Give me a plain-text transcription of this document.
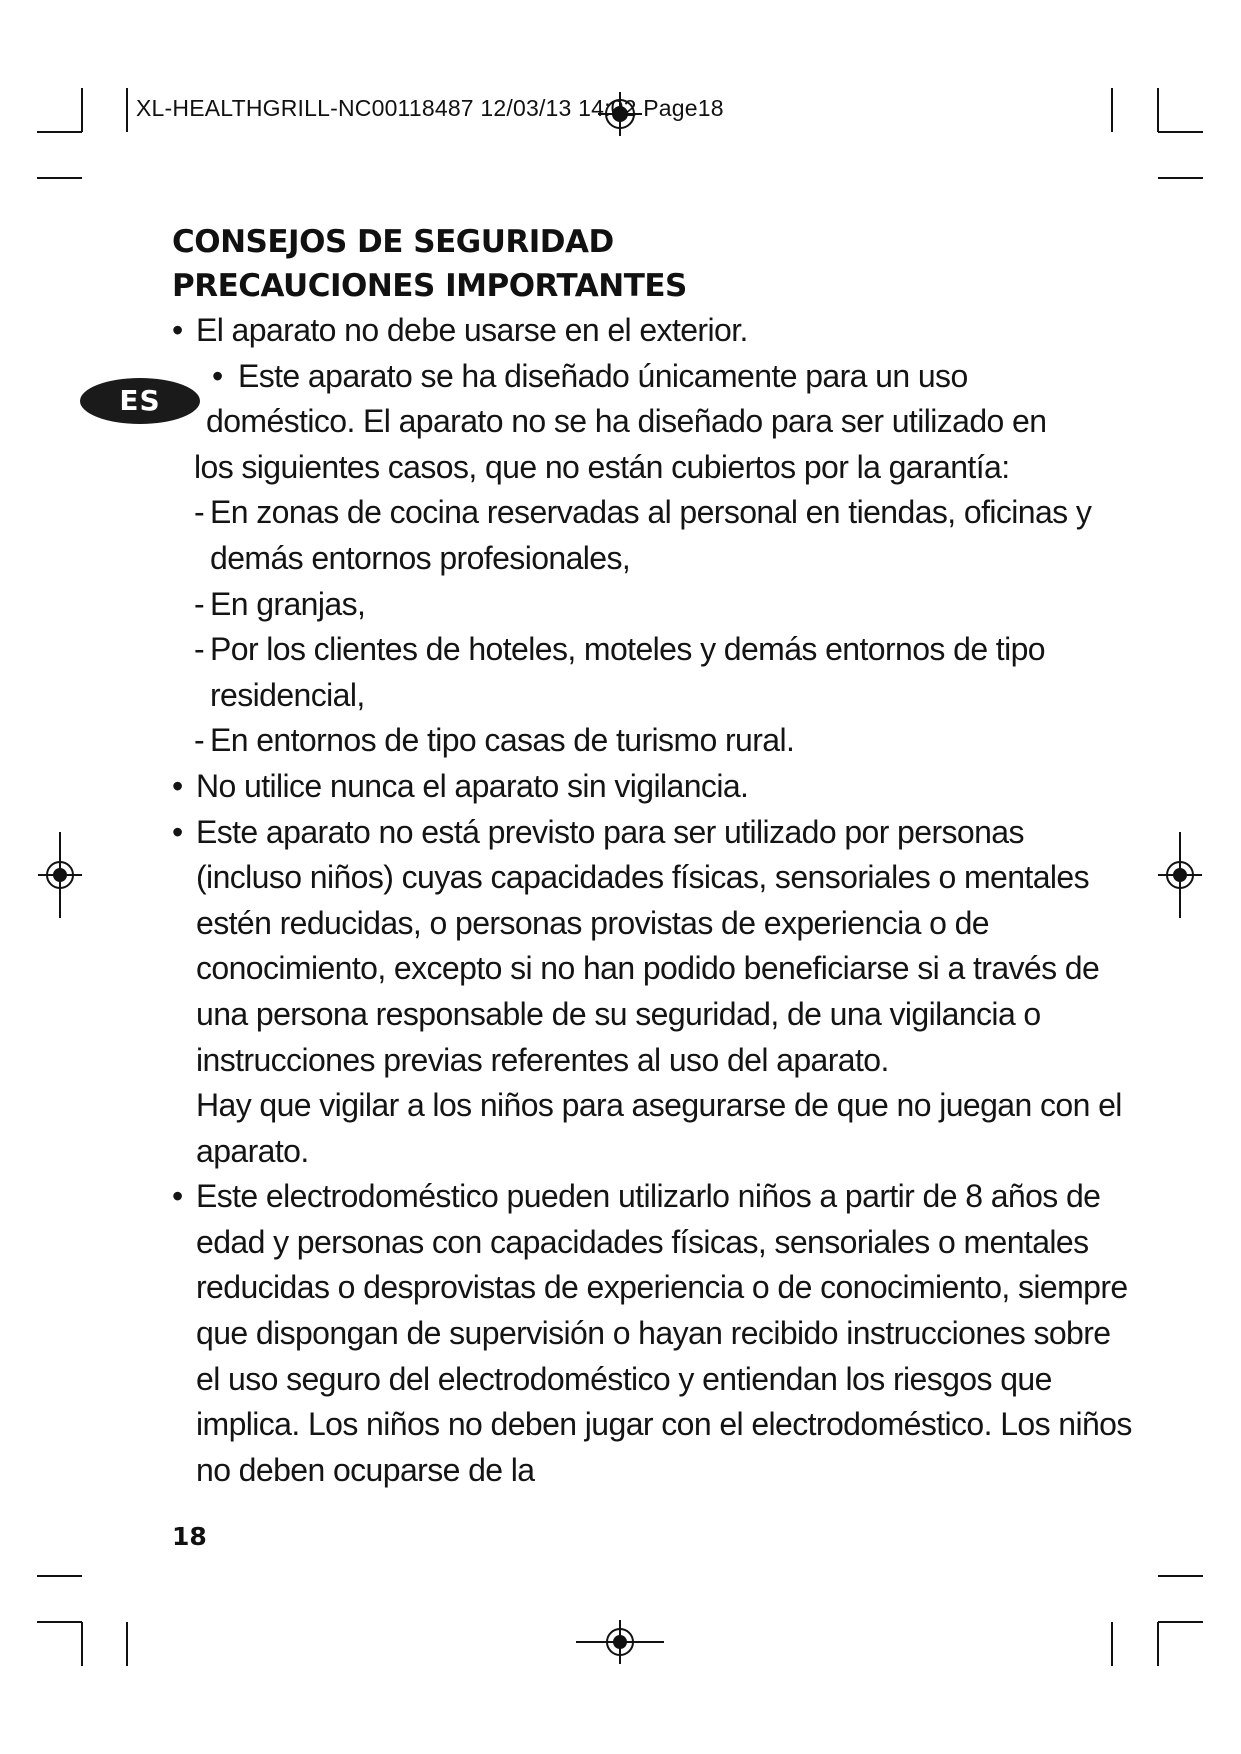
XL-HEALTHGRILL-NC00118487 12/03/13 14:02 Page18

ES
CONSEJOS DE SEGURIDAD
PRECAUCIONES IMPORTANTES

• El aparato no debe usarse en el exterior.

• Este aparato se ha diseñado únicamente para un uso
doméstico. El aparato no se ha diseñado para ser utilizado en

los siguientes casos, que no están cubiertos por la garantía:

- En zonas de cocina reservadas al personal en tiendas, oficinas y demás entornos profesionales,

- En granjas,

- Por los clientes de hoteles, moteles y demás entornos de tipo residencial,

- En entornos de tipo casas de turismo rural.

• No utilice nunca el aparato sin vigilancia.

• Este aparato no está previsto para ser utilizado por personas (incluso niños) cuyas capacidades físicas, sensoriales o mentales estén reducidas, o personas provistas de experiencia o de conocimiento, excepto si no han podido beneficiarse si a través de una persona responsable de su seguridad, de una vigilancia o instrucciones previas referentes al uso del aparato.

Hay que vigilar a los niños para asegurarse de que no juegan con el aparato.

• Este electrodoméstico pueden utilizarlo niños a partir de 8 años de edad y personas con capacidades físicas, sensoriales o mentales reducidas o desprovistas de experiencia o de conocimiento, siempre que dispongan de supervisión o hayan recibido instrucciones sobre el uso seguro del electrodoméstico y entiendan los riesgos que implica. Los niños no deben jugar con el electrodoméstico. Los niños no deben ocuparse de la

18
